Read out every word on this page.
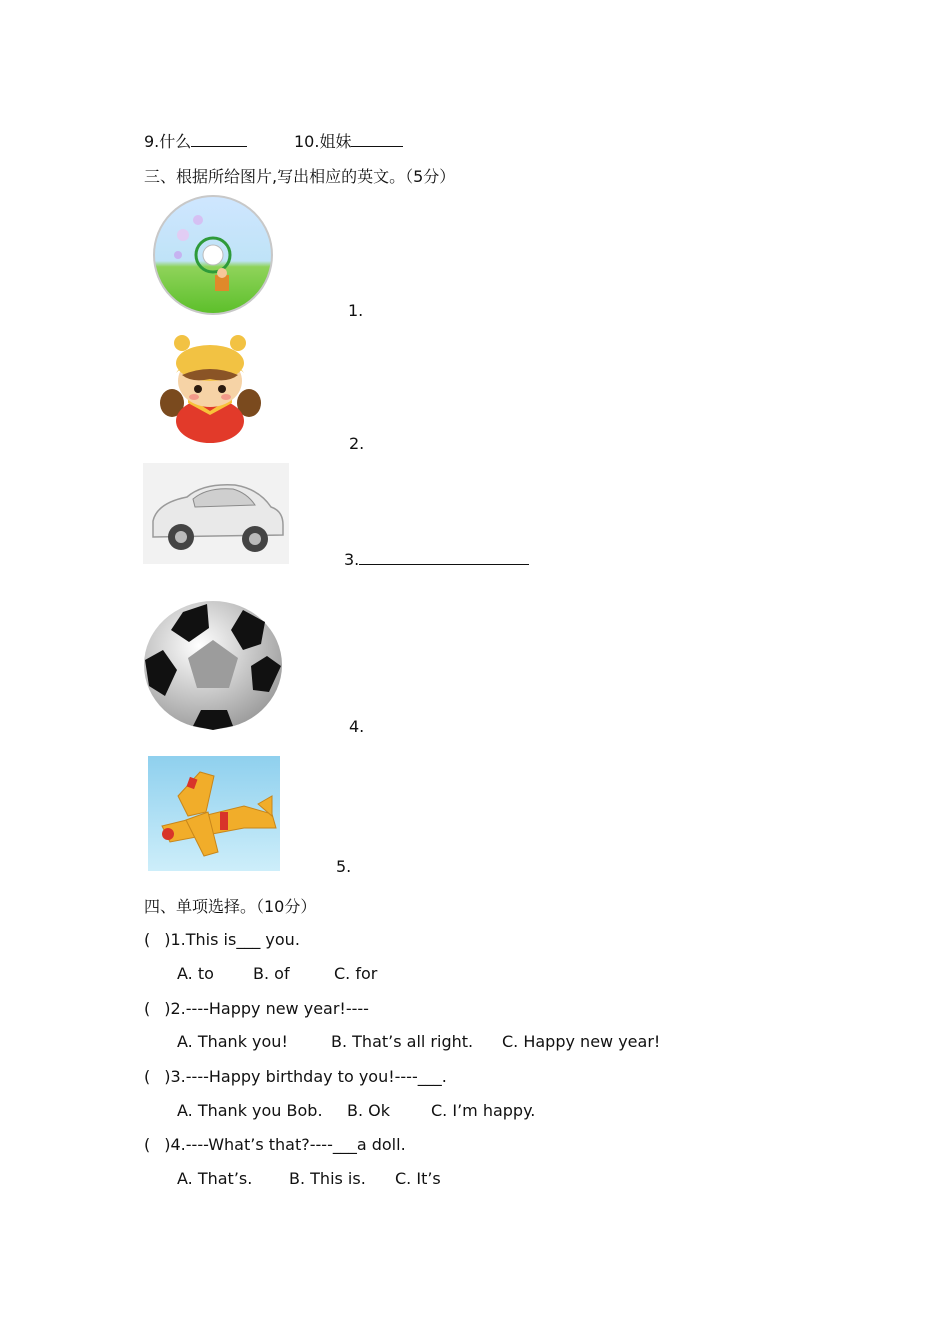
9.什么	10.姐妹
三、根据所给图片,写出相应的英文。（5分）
1.
2.
3.
4.
5.
四、单项选择。（10分）
( )1.This is___ you.
A. to B. of	C. for
( )2.----Happy new year!----
A. Thank you!	B. That’s all right. C. Happy new year!
( )3.----Happy birthday to you!----___.
A. Thank you Bob. B. Ok	C. I’m happy.
( )4.----What’s that?----___a doll.
A. That’s. B. This is. C. It’s
